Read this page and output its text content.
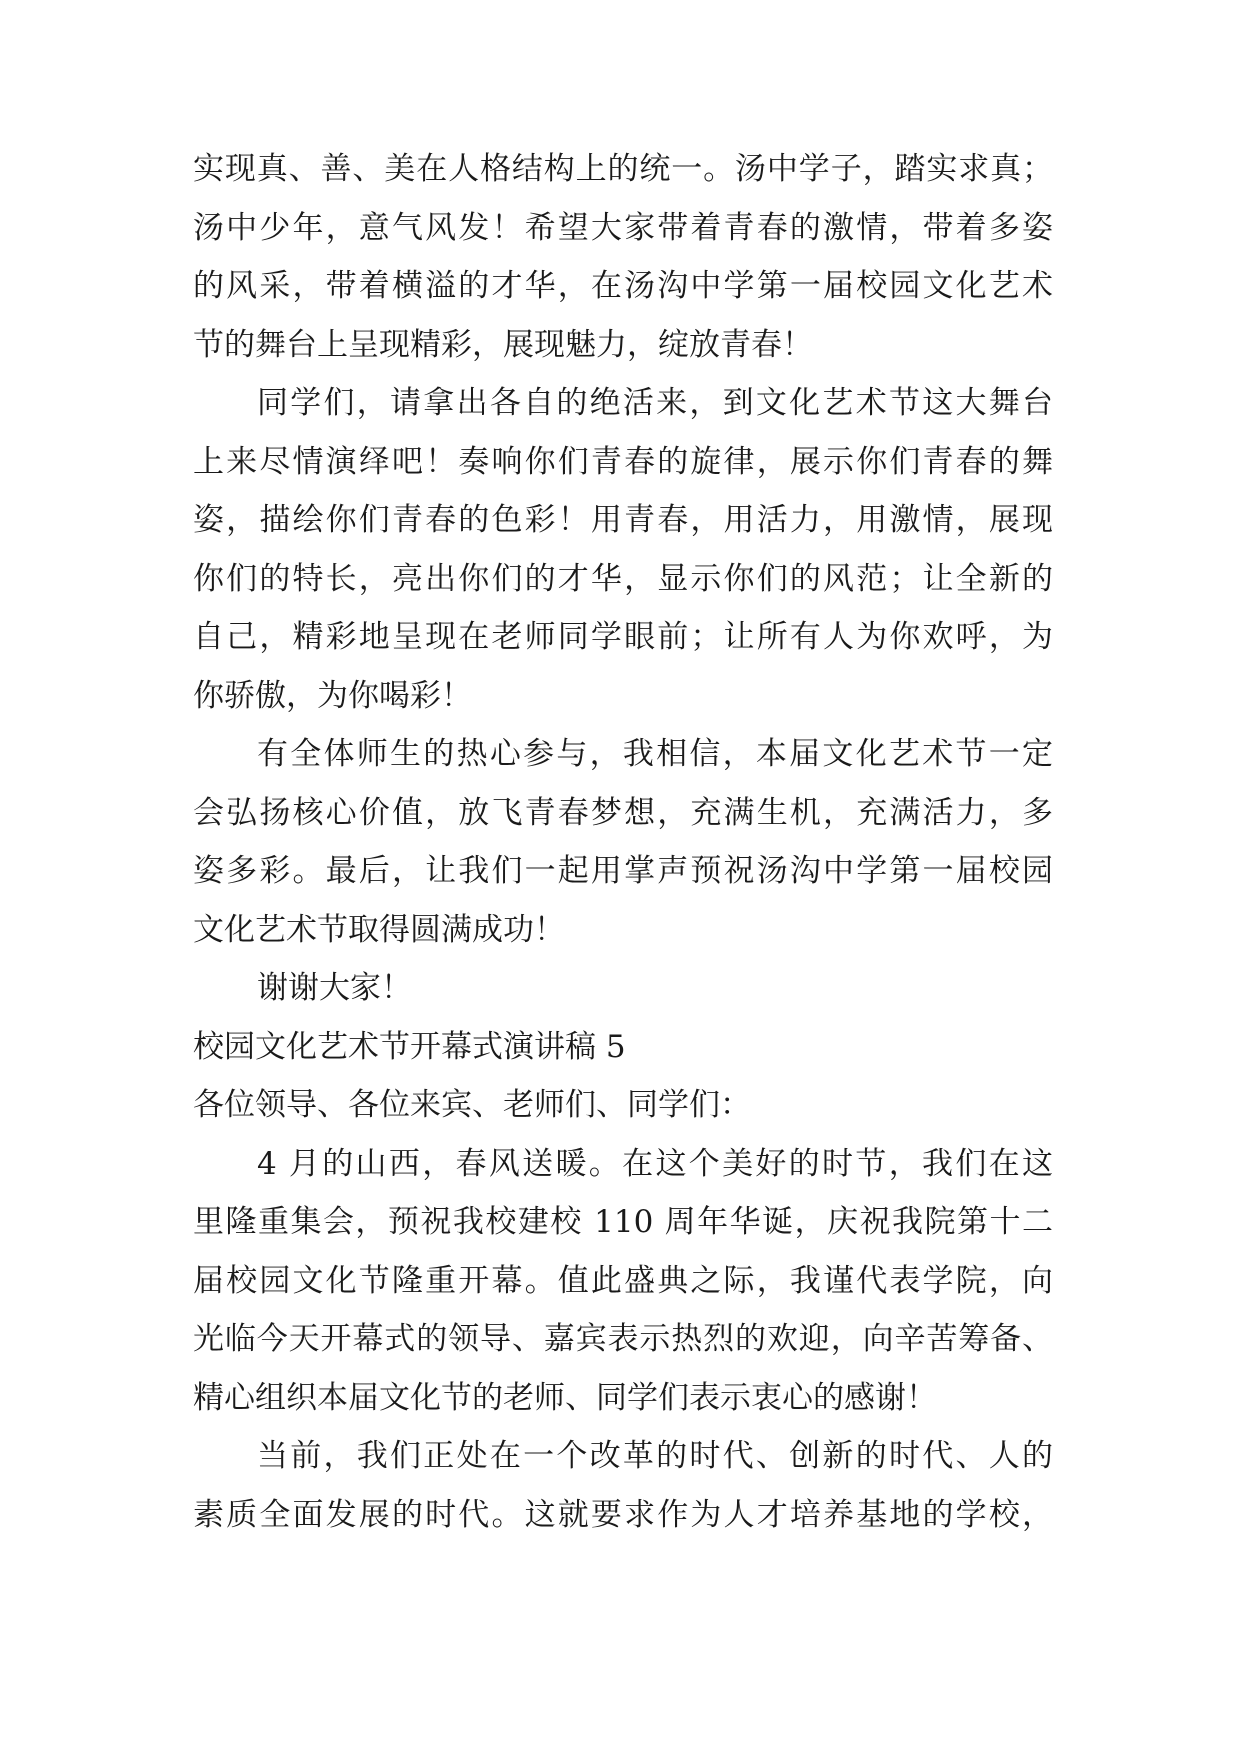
实现真、善、美在人格结构上的统一。汤中学子，踏实求真；
汤中少年，意气风发！希望大家带着青春的激情，带着多姿
的风采，带着横溢的才华，在汤沟中学第一届校园文化艺术
节的舞台上呈现精彩，展现魅力，绽放青春！
同学们，请拿出各自的绝活来，到文化艺术节这大舞台
上来尽情演绎吧！奏响你们青春的旋律，展示你们青春的舞
姿，描绘你们青春的色彩！用青春，用活力，用激情，展现
你们的特长，亮出你们的才华，显示你们的风范；让全新的
自己，精彩地呈现在老师同学眼前；让所有人为你欢呼，为
你骄傲，为你喝彩！
有全体师生的热心参与，我相信，本届文化艺术节一定
会弘扬核心价值，放飞青春梦想，充满生机，充满活力，多
姿多彩。最后，让我们一起用掌声预祝汤沟中学第一届校园
文化艺术节取得圆满成功！
谢谢大家！
校园文化艺术节开幕式演讲稿 5
各位领导、各位来宾、老师们、同学们：
4 月的山西，春风送暖。在这个美好的时节，我们在这
里隆重集会，预祝我校建校 110 周年华诞，庆祝我院第十二
届校园文化节隆重开幕。值此盛典之际，我谨代表学院，向
光临今天开幕式的领导、嘉宾表示热烈的欢迎，向辛苦筹备、
精心组织本届文化节的老师、同学们表示衷心的感谢！
当前，我们正处在一个改革的时代、创新的时代、人的
素质全面发展的时代。这就要求作为人才培养基地的学校，
